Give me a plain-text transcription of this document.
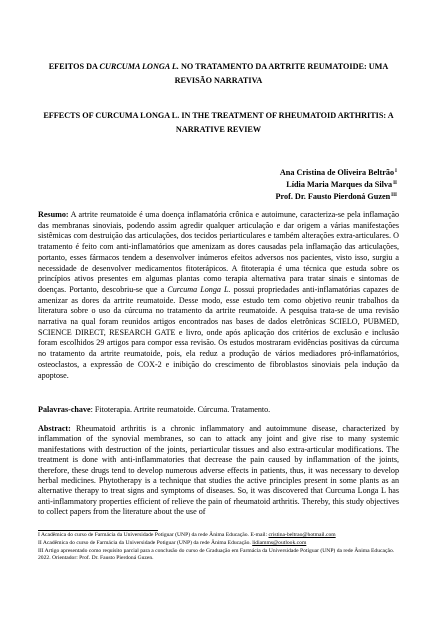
EFEITOS DA CURCUMA LONGA L. NO TRATAMENTO DA ARTRITE REUMATOIDE: UMA REVISÃO NARRATIVA
EFFECTS OF CURCUMA LONGA L. IN THE TREATMENT OF RHEUMATOID ARTHRITIS: A NARRATIVE REVIEW
Ana Cristina de Oliveira Beltrão$^I$
Lídia Maria Marques da Silva$^{II}$
Prof. Dr. Fausto Pierdoná Guzen$^{III}$

Resumo: A artrite reumatoide é uma doença inflamatória crônica e autoimune, caracteriza-se pela inflamação das membranas sinoviais, podendo assim agredir qualquer articulação e dar origem a várias manifestações sistêmicas com destruição das articulações, dos tecidos periarticulares e também alterações extra-articulares. O tratamento é feito com anti-inflamatórios que amenizam as dores causadas pela inflamação das articulações, portanto, esses fármacos tendem a desenvolver inúmeros efeitos adversos nos pacientes, visto isso, surgiu a necessidade de desenvolver medicamentos fitoterápicos. A fitoterapia é uma técnica que estuda sobre os princípios ativos presentes em algumas plantas como terapia alternativa para tratar sinais e sintomas de doenças. Portanto, descobriu-se que a Curcuma Longa L. possui propriedades anti-inflamatórias capazes de amenizar as dores da artrite reumatoide. Desse modo, esse estudo tem como objetivo reunir trabalhos da literatura sobre o uso da cúrcuma no tratamento da artrite reumatoide. A pesquisa trata-se de uma revisão narrativa na qual foram reunidos artigos encontrados nas bases de dados eletrônicas SCIELO, PUBMED, SCIENCE DIRECT, RESEARCH GATE e livro, onde após aplicação dos critérios de exclusão e inclusão foram escolhidos 29 artigos para compor essa revisão. Os estudos mostraram evidências positivas da cúrcuma no tratamento da artrite reumatoide, pois, ela reduz a produção de vários mediadores pró-inflamatórios, osteoclastos, a expressão de COX-2 e inibição do crescimento de fibroblastos sinoviais pela indução da apoptose.

Palavras-chave: Fitoterapia. Artrite reumatoide. Cúrcuma. Tratamento.

Abstract: Rheumatoid arthritis is a chronic inflammatory and autoimmune disease, characterized by inflammation of the synovial membranes, so can to attack any joint and give rise to many systemic manifestations with destruction of the joints, periarticular tissues and also extra-articular modifications. The treatment is done with anti-inflammatories that decrease the pain caused by inflammation of the joints, therefore, these drugs tend to develop numerous adverse effects in patients, thus, it was necessary to develop herbal medicines. Phytotherapy is a technique that studies the active principles present in some plants as an alternative therapy to treat signs and symptoms of diseases. So, it was discovered that Curcuma Longa L has anti-inflammatory properties efficient of relieve the pain of rheumatoid arthritis. Thereby, this study objectives to collect papers from the literature about the use of

I Acadêmica do curso de Farmácia da Universidade Potiguar (UNP) da rede Ânima Educação. E-mail: cristina-beltrao@hotmail.com

II Acadêmica do curso de Farmácia da Universidade Potiguar (UNP) da rede Ânima Educação. lidiamms@outlook.com

III Artigo apresentado como requisito parcial para a conclusão do curso de Graduação em Farmácia da Universidade Potiguar (UNP) da rede Ânima Educação. 2022. Orientador: Prof. Dr. Fausto Pierdoná Guzen.
